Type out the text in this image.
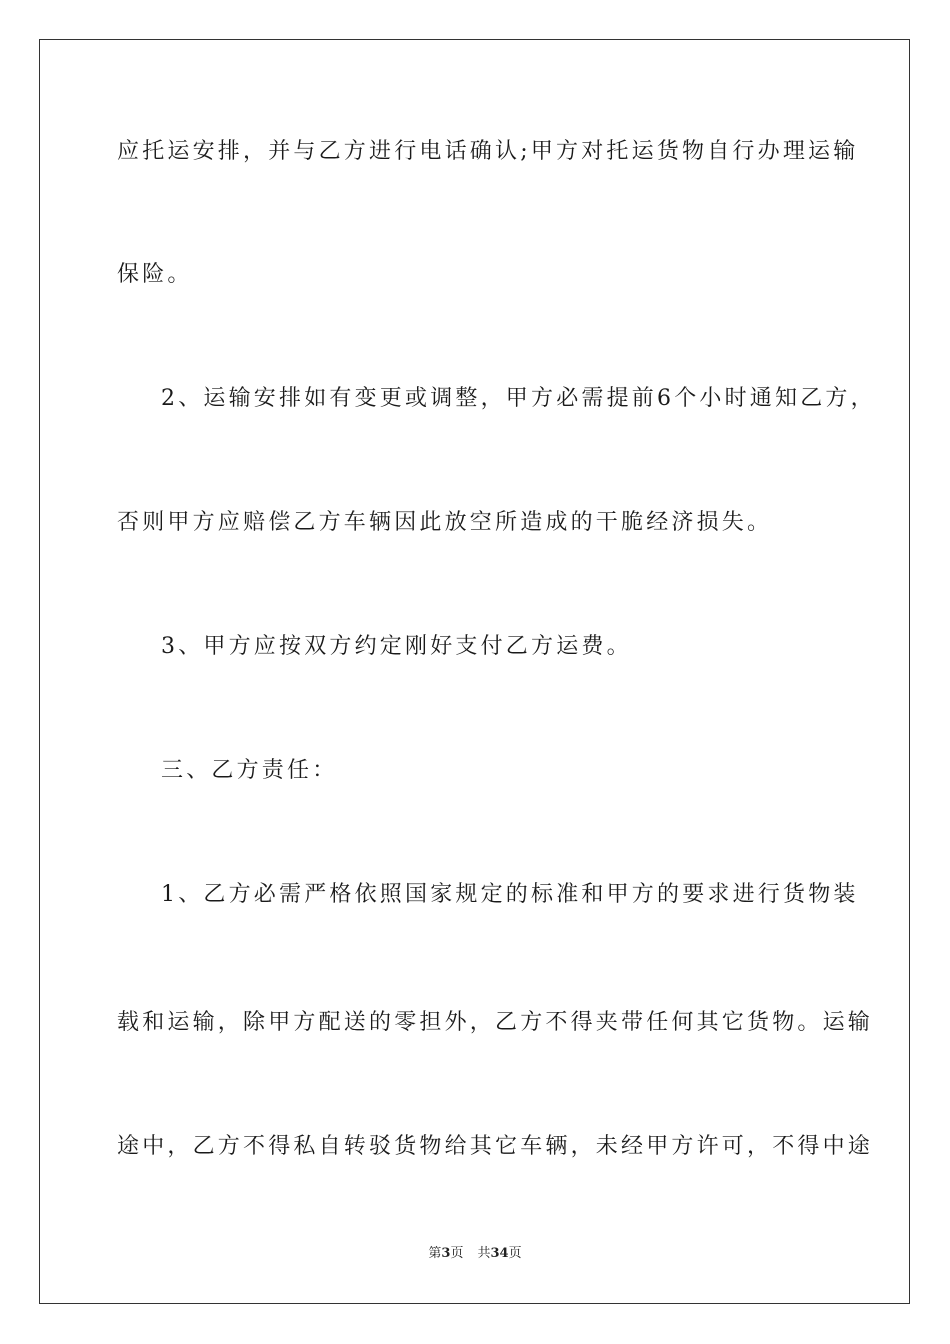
应托运安排，并与乙方进行电话确认;甲方对托运货物自行办理运输
保险。
2、运输安排如有变更或调整，甲方必需提前6个小时通知乙方，
否则甲方应赔偿乙方车辆因此放空所造成的干脆经济损失。
3、甲方应按双方约定刚好支付乙方运费。
三、乙方责任：
1、乙方必需严格依照国家规定的标准和甲方的要求进行货物装
载和运输，除甲方配送的零担外，乙方不得夹带任何其它货物。运输
途中，乙方不得私自转驳货物给其它车辆，未经甲方许可，不得中途
第3页 共34页
